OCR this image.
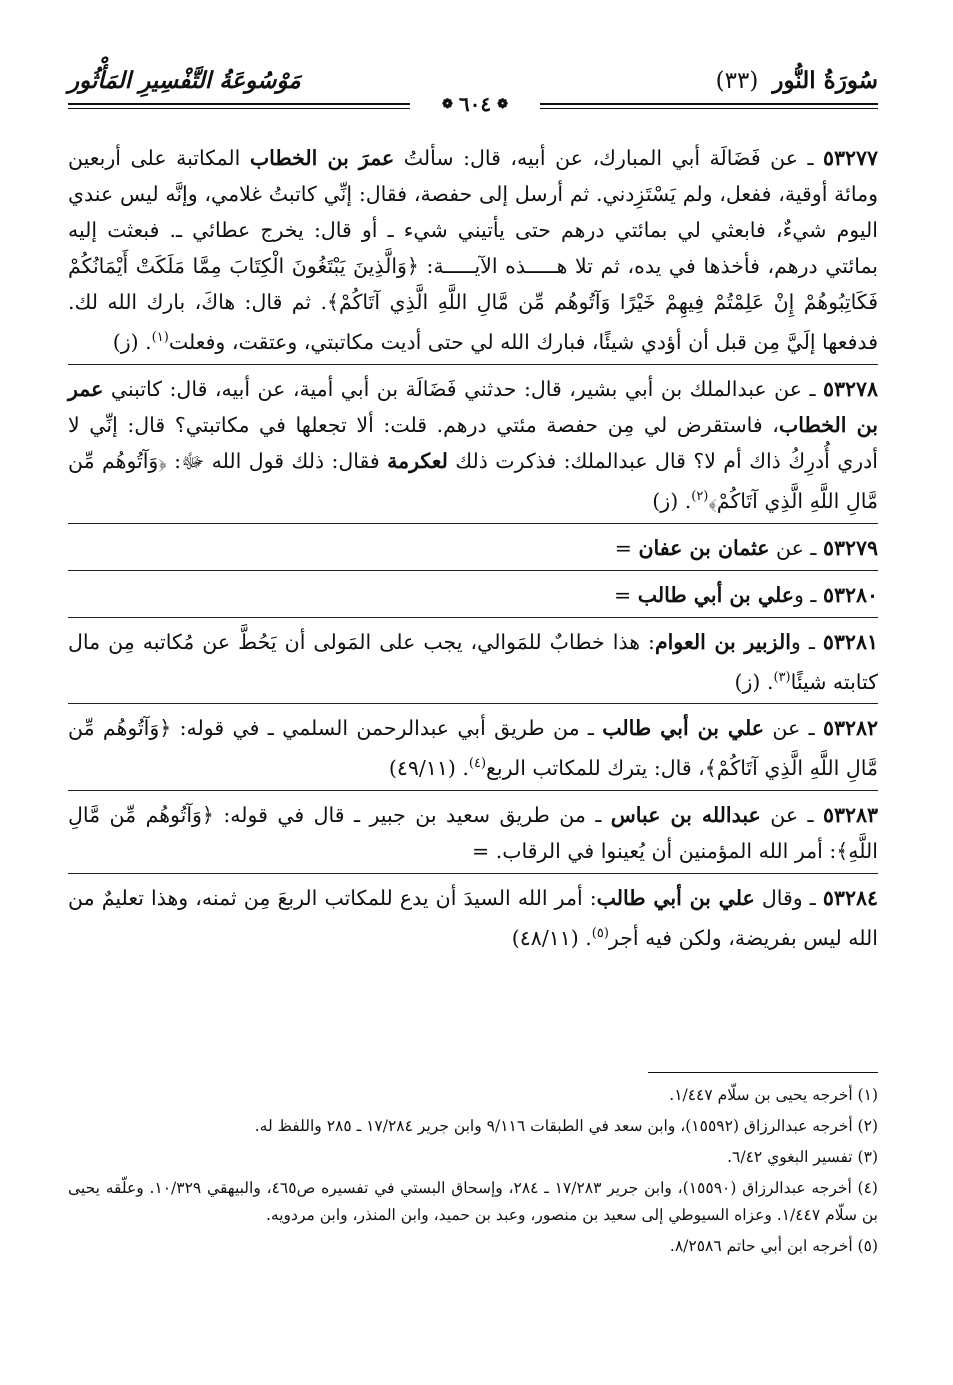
سُورَةُ النُّور (٣٣)
مَوْسُوعَةُ التَّفْسِيرِ المَأْثُور
❁
٦٠٤
❁

٥٣٢٧٧ ـ عن فَضَالَة أبي المبارك، عن أبيه، قال: سألتُ عمرَ بن الخطاب المكاتبة على أربعين ومائة أوقية، ففعل، ولم يَسْتَزِدني. ثم أرسل إلى حفصة، فقال: إنِّي كاتبتُ غلامي، وإنَّه ليس عندي اليوم شيءٌ، فابعثي لي بمائتي درهم حتى يأتيني شيء ـ أو قال: يخرج عطائي ـ. فبعثت إليه بمائتي درهم، فأخذها في يده، ثم تلا هـــــذه الآيـــــة: ﴿وَالَّذِينَ يَبْتَغُونَ الْكِتَابَ مِمَّا مَلَكَتْ أَيْمَانُكُمْ فَكَاتِبُوهُمْ إِنْ عَلِمْتُمْ فِيهِمْ خَيْرًا وَآتُوهُم مِّن مَّالِ اللَّهِ الَّذِي آتَاكُمْ﴾. ثم قال: هاكَ، بارك الله لك. فدفعها إلَيَّ مِن قبل أن أؤدي شيئًا، فبارك الله لي حتى أديت مكاتبتي، وعتقت، وفعلت$^{(١)}$. (ز)

٥٣٢٧٨ ـ عن عبدالملك بن أبي بشير، قال: حدثني فَضَالَة بن أبي أمية، عن أبيه، قال: كاتبني عمر بن الخطاب، فاستقرض لي مِن حفصة مئتي درهم. قلت: ألا تجعلها في مكاتبتي؟ قال: إنِّي لا أدري أُدرِكُ ذاك أم لا؟ قال عبدالملك: فذكرت ذلك لعكرمة فقال: ذلك قول الله ﷻ: ﴿وَآتُوهُم مِّن مَّالِ اللَّهِ الَّذِي آتَاكُمْ﴾$^{(٢)}$. (ز)

٥٣٢٧٩ ـ عن عثمان بن عفان =

٥٣٢٨٠ ـ وعلي بن أبي طالب =

٥٣٢٨١ ـ والزبير بن العوام: هذا خطابٌ للمَوالي، يجب على المَولى أن يَحُطَّ عن مُكاتبه مِن مال كتابته شيئًا$^{(٣)}$. (ز)

٥٣٢٨٢ ـ عن علي بن أبي طالب ـ من طريق أبي عبدالرحمن السلمي ـ في قوله: ﴿وَآتُوهُم مِّن مَّالِ اللَّهِ الَّذِي آتَاكُمْ﴾، قال: يترك للمكاتب الربع$^{(٤)}$. (٤٩/١١)

٥٣٢٨٣ ـ عن عبدالله بن عباس ـ من طريق سعيد بن جبير ـ قال في قوله: ﴿وَآتُوهُم مِّن مَّالِ اللَّهِ﴾: أمر الله المؤمنين أن يُعينوا في الرقاب. =

٥٣٢٨٤ ـ وقال علي بن أبي طالب: أمر الله السيدَ أن يدع للمكاتب الربعَ مِن ثمنه، وهذا تعليمٌ من الله ليس بفريضة، ولكن فيه أجر$^{(٥)}$. (٤٨/١١)

(١) أخرجه يحيى بن سلّام ١/٤٤٧.

(٢) أخرجه عبدالرزاق (١٥٥٩٢)، وابن سعد في الطبقات ٩/١١٦ وابن جرير ١٧/٢٨٤ ـ ٢٨٥ واللفظ له.

(٣) تفسير البغوي ٦/٤٢.

(٤) أخرجه عبدالرزاق (١٥٥٩٠)، وابن جرير ١٧/٢٨٣ ـ ٢٨٤، وإسحاق البستي في تفسيره ص٤٦٥، والبيهقي ١٠/٣٢٩. وعلّقه يحيى بن سلّام ١/٤٤٧. وعزاه السيوطي إلى سعيد بن منصور، وعبد بن حميد، وابن المنذر، وابن مردويه.

(٥) أخرجه ابن أبي حاتم ٨/٢٥٨٦.
